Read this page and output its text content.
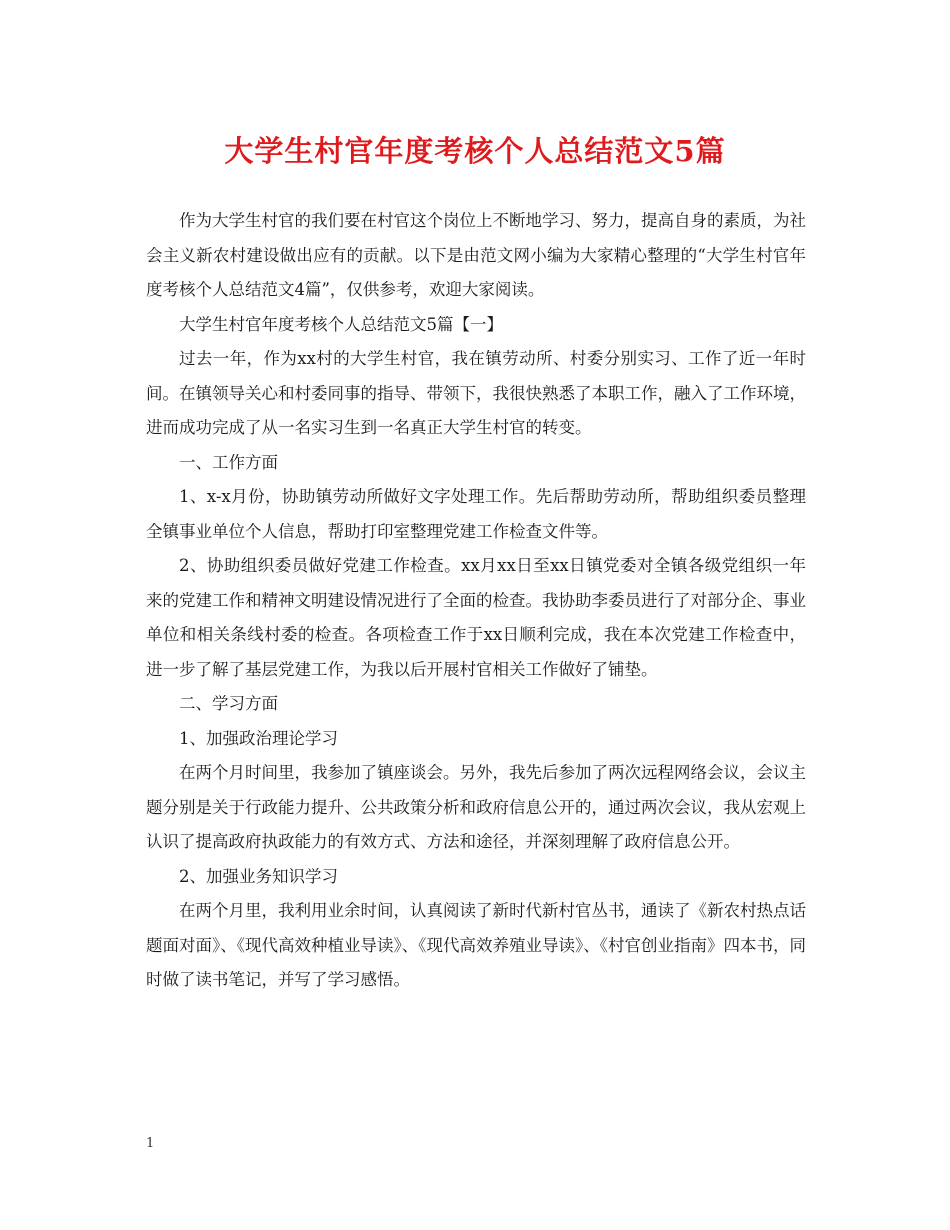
大学生村官年度考核个人总结范文5篇

作为大学生村官的我们要在村官这个岗位上不断地学习、努力，提高自身的素质，为社会主义新农村建设做出应有的贡献。以下是由范文网小编为大家精心整理的“大学生村官年度考核个人总结范文4篇”，仅供参考，欢迎大家阅读。

大学生村官年度考核个人总结范文5篇【一】

过去一年，作为xx村的大学生村官，我在镇劳动所、村委分别实习、工作了近一年时间。在镇领导关心和村委同事的指导、带领下，我很快熟悉了本职工作，融入了工作环境，进而成功完成了从一名实习生到一名真正大学生村官的转变。

一、工作方面

1、x-x月份，协助镇劳动所做好文字处理工作。先后帮助劳动所，帮助组织委员整理全镇事业单位个人信息，帮助打印室整理党建工作检查文件等。

2、协助组织委员做好党建工作检查。xx月xx日至xx日镇党委对全镇各级党组织一年来的党建工作和精神文明建设情况进行了全面的检查。我协助李委员进行了对部分企、事业单位和相关条线村委的检查。各项检查工作于xx日顺利完成，我在本次党建工作检查中，进一步了解了基层党建工作，为我以后开展村官相关工作做好了铺垫。

二、学习方面

1、加强政治理论学习

在两个月时间里，我参加了镇座谈会。另外，我先后参加了两次远程网络会议，会议主题分别是关于行政能力提升、公共政策分析和政府信息公开的，通过两次会议，我从宏观上认识了提高政府执政能力的有效方式、方法和途径，并深刻理解了政府信息公开。

2、加强业务知识学习

在两个月里，我利用业余时间，认真阅读了新时代新村官丛书，通读了《新农村热点话题面对面》、《现代高效种植业导读》、《现代高效养殖业导读》、《村官创业指南》四本书，同时做了读书笔记，并写了学习感悟。

1
